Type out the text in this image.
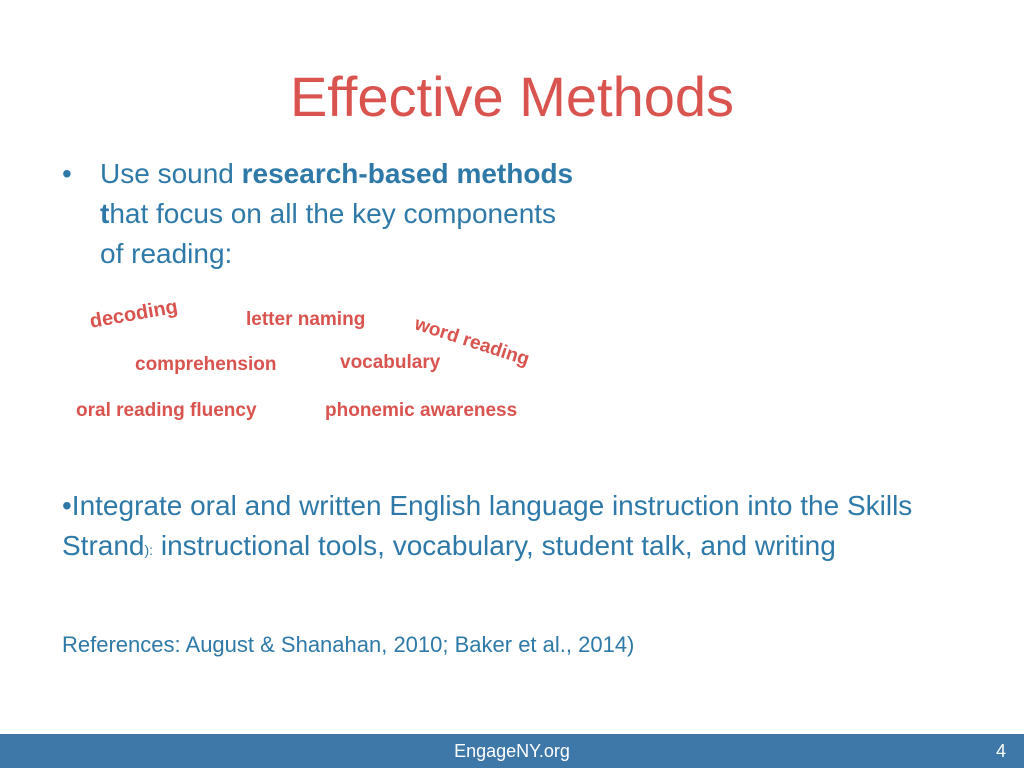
Effective Methods
• Use sound research-based methods that focus on all the key components of reading:
decoding	letter naming word reading
comprehension	vocabulary
oral reading fluency	phonemic awareness
•Integrate oral and written English language instruction into the Skills Strand): instructional tools, vocabulary, student talk, and writing
References: August & Shanahan, 2010; Baker et al., 2014)
EngageNY.org	4
